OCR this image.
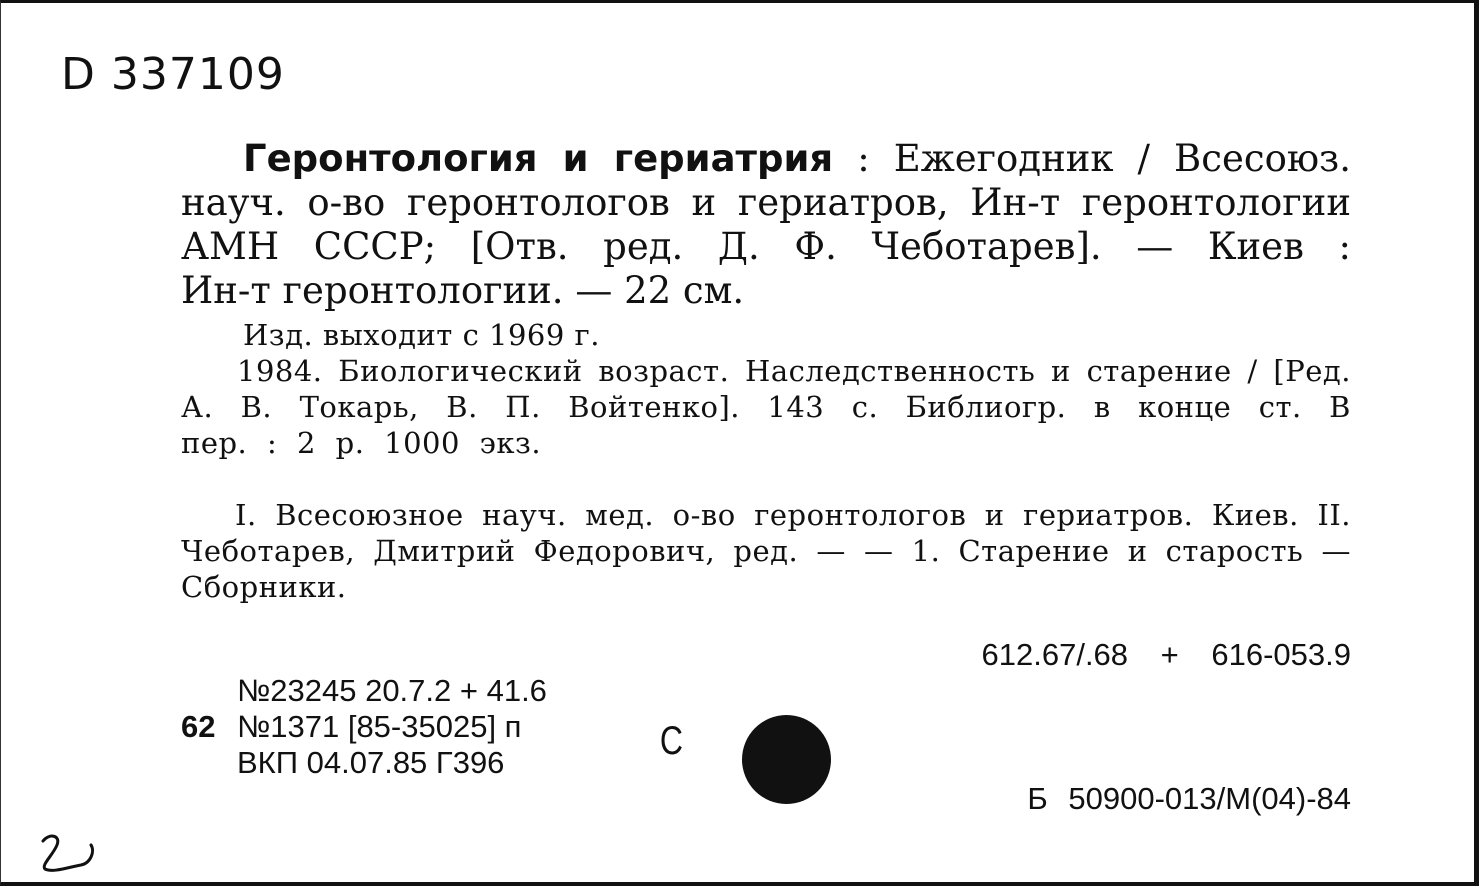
D 337109
Геронтология и гериатрия : Ежегодник / Всесоюз.
науч. о-во геронтологов и гериатров, Ин-т геронтологии
АМН СССР; [Отв. ред. Д. Ф. Чеботарев]. — Киев :
Ин-т геронтологии. — 22 см.
Изд. выходит с 1969 г.
1984. Биологический возраст. Наследственность и старение / [Ред.
А. В. Токарь, В. П. Войтенко]. 143 с. Библиогр. в конце ст. В
пер. : 2 р. 1000 экз.
I. Всесоюзное науч. мед. о-во геронтологов и гериатров. Киев. II.
Чеботарев, Дмитрий Федорович, ред. — — 1. Старение и старость —
Сборники.
612.67/.68 + 616-053.9
№23245 20.7.2 + 41.6
№1371 [85-35025] п
ВКП 04.07.85 Г396
62	С
Б 50900-013/М(04)-84
